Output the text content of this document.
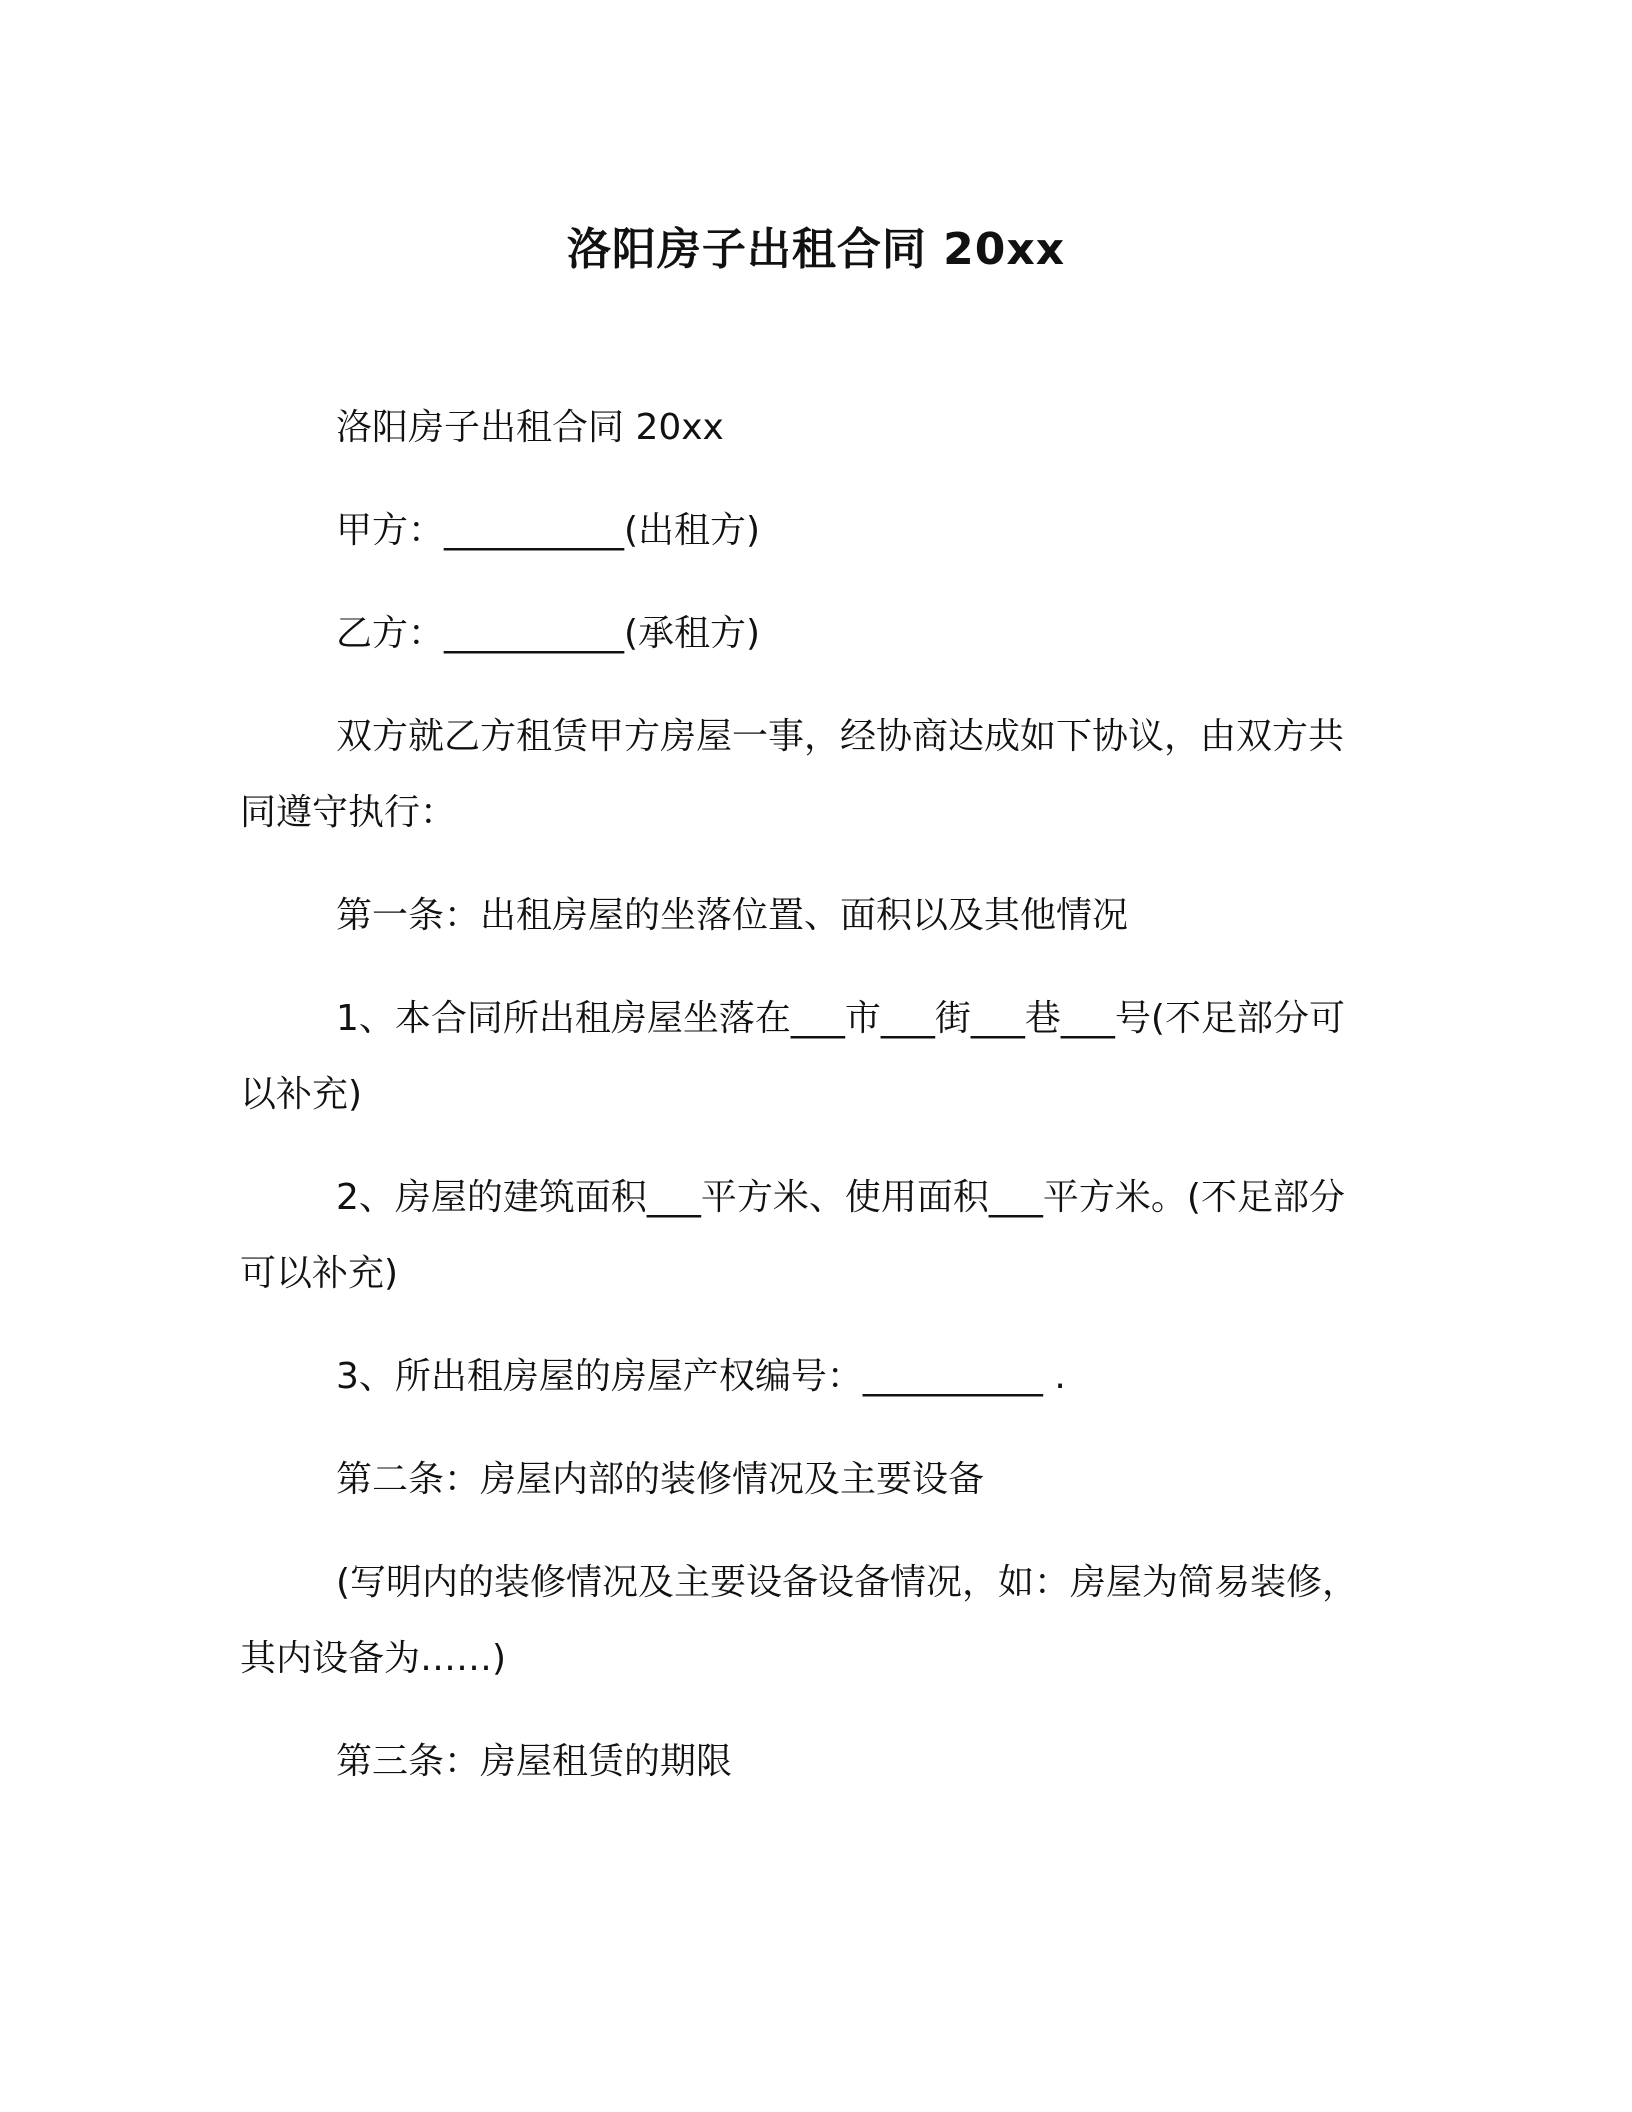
洛阳房子出租合同 20xx

洛阳房子出租合同 20xx

甲方：__________(出租方)

乙方：__________(承租方)

双方就乙方租赁甲方房屋一事，经协商达成如下协议，由双方共同遵守执行：

第一条：出租房屋的坐落位置、面积以及其他情况

1、本合同所出租房屋坐落在___市___街___巷___号(不足部分可以补充)

2、房屋的建筑面积___平方米、使用面积___平方米。(不足部分可以补充)

3、所出租房屋的房屋产权编号：__________ .

第二条：房屋内部的装修情况及主要设备

(写明内的装修情况及主要设备设备情况，如：房屋为简易装修，其内设备为……)

第三条：房屋租赁的期限
